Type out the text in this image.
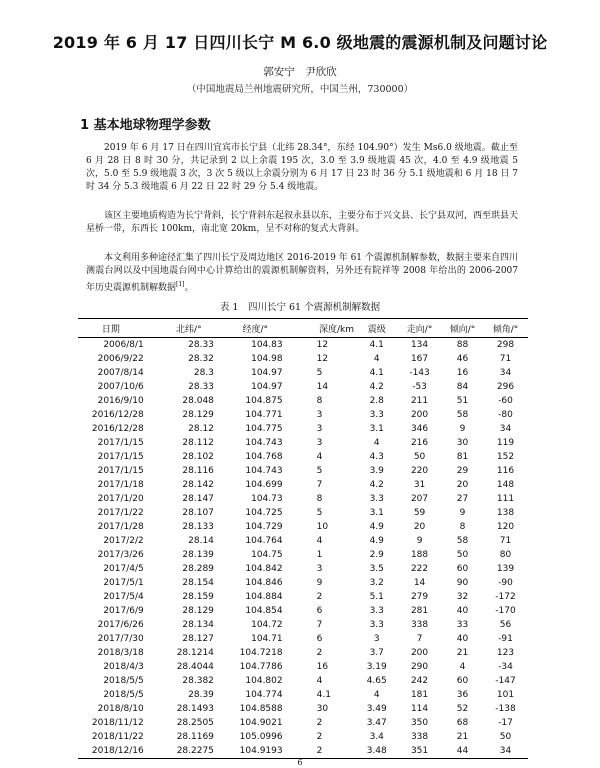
2019 年 6 月 17 日四川长宁 M 6.0 级地震的震源机制及问题讨论
郭安宁　尹欣欣
（中国地震局兰州地震研究所，中国兰州，730000）
1 基本地球物理学参数
2019 年 6 月 17 日在四川宜宾市长宁县（北纬 28.34°，东经 104.90°）发生 Ms6.0 级地震。截止至 6 月 28 日 8 时 30 分，共记录到 2 以上余震 195 次，3.0 至 3.9 级地震 45 次，4.0 至 4.9 级地震 5 次，5.0 至 5.9 级地震 3 次，3 次 5 级以上余震分别为 6 月 17 日 23 时 36 分 5.1 级地震和 6 月 18 日 7 时 34 分 5.3 级地震 6 月 22 日 22 时 29 分 5.4 级地震。
该区主要地质构造为长宁背斜，长宁背斜东起叙永县以东，主要分布于兴文县、长宁县双河，西至珙县天星桥一带，东西长 100km，南北宽 20km，呈不对称的复式大背斜。
本文利用多种途径汇集了四川长宁及周边地区 2016-2019 年 61 个震源机制解参数，数据主要来自四川测震台网以及中国地震台网中心计算给出的震源机制解资料，另外还有院祥等 2008 年给出的 2006-2007 年历史震源机制解数据[1]。
表 1　四川长宁 61 个震源机制解数据
日期	北纬/°	经度/°	深度/km	震级	走向/°	倾向/°	倾角/°
2006/8/1	28.33	104.83	12	4.1	134	88	298
2006/9/22	28.32	104.98	12	4	167	46	71
2007/8/14	28.3	104.97	5	4.1	-143	16	34
2007/10/6	28.33	104.97	14	4.2	-53	84	296
2016/9/10	28.048	104.875	8	2.8	211	51	-60
2016/12/28	28.129	104.771	3	3.3	200	58	-80
2016/12/28	28.12	104.775	3	3.1	346	9	34
2017/1/15	28.112	104.743	3	4	216	30	119
2017/1/15	28.102	104.768	4	4.3	50	81	152
2017/1/15	28.116	104.743	5	3.9	220	29	116
2017/1/18	28.142	104.699	7	4.2	31	20	148
2017/1/20	28.147	104.73	8	3.3	207	27	111
2017/1/22	28.107	104.725	5	3.1	59	9	138
2017/1/28	28.133	104.729	10	4.9	20	8	120
2017/2/2	28.14	104.764	4	4.9	9	58	71
2017/3/26	28.139	104.75	1	2.9	188	50	80
2017/4/5	28.289	104.842	3	3.5	222	60	139
2017/5/1	28.154	104.846	9	3.2	14	90	-90
2017/5/4	28.159	104.884	2	5.1	279	32	-172
2017/6/9	28.129	104.854	6	3.3	281	40	-170
2017/6/26	28.134	104.72	7	3.3	338	33	56
2017/7/30	28.127	104.71	6	3	7	40	-91
2018/3/18	28.1214	104.7218	2	3.7	200	21	123
2018/4/3	28.4044	104.7786	16	3.19	290	4	-34
2018/5/5	28.382	104.802	4	4.65	242	60	-147
2018/5/5	28.39	104.774	4.1	4	181	36	101
2018/8/10	28.1493	104.8588	30	3.49	114	52	-138
2018/11/12	28.2505	104.9021	2	3.47	350	68	-17
2018/11/22	28.1169	105.0996	2	3.4	338	21	50
2018/12/16	28.2275	104.9193	2	3.48	351	44	34
6
